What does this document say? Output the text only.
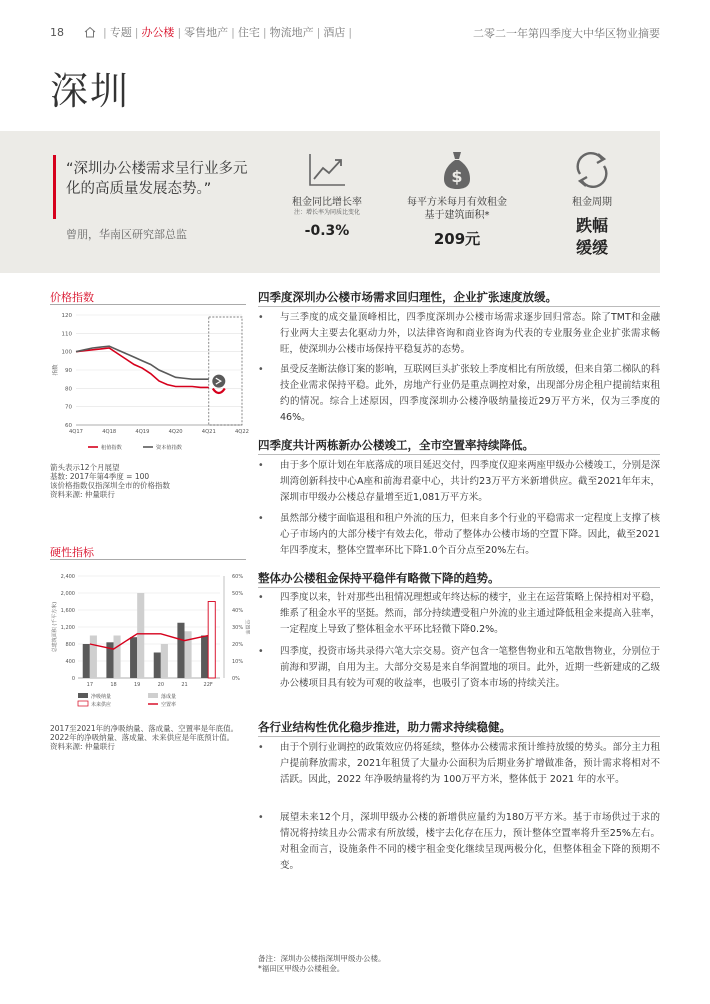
18	| 专题 | 办公楼 | 零售地产 | 住宅 | 物流地产 | 酒店 |	二零二一年第四季度大中华区物业摘要
深圳
“深圳办公楼需求呈行业多元化的高质量发展态势。”
曾朋，华南区研究部总监
租金同比增长率
注：增长率为同质比变化
-0.3%
$
每平方米每月有效租金基于建筑面积*
209元
租金周期
跌幅缓缓
价格指数
60
70
80
90
100
110
120
指数
4Q17	4Q18	4Q19	4Q20	4Q21	4Q22
租值指数	资本值指数
箭头表示12个月展望
基数: 2017年第4季度 = 100
该价格指数仅指深圳全市的价格指数
资料来源: 仲量联行
硬性指标
0
400
800
1,200
1,600
2,000
2,400
0%
10%
20%
30%
40%
50%
60%
总建筑面积 (千平方米)	空置率
17	18	19	20	21	22F
净吸纳量	落成量
未来供应	空置率
2017至2021年的净吸纳量、落成量、空置率是年底值。2022年的净吸纳量、落成量、未来供应是年底预计值。
资料来源: 仲量联行
四季度深圳办公楼市场需求回归理性，企业扩张速度放缓。
• 与三季度的成交量顶峰相比，四季度深圳办公楼市场需求逐步回归常态。除了TMT和金融行业两大主要去化驱动力外，以法律咨询和商业咨询为代表的专业服务业企业扩张需求畅旺，使深圳办公楼市场保持平稳复苏的态势。
• 虽受反垄断法修订案的影响，互联网巨头扩张较上季度相比有所放缓，但来自第二梯队的科技企业需求保持平稳。此外，房地产行业仍是重点调控对象，出现部分房企租户提前结束租约的情况。综合上述原因，四季度深圳办公楼净吸纳量接近29万平方米，仅为三季度的46%。
四季度共计两栋新办公楼竣工，全市空置率持续降低。
• 由于多个原计划在年底落成的项目延迟交付，四季度仅迎来两座甲级办公楼竣工，分别是深圳湾创新科技中心A座和前海君豪中心，共计约23万平方米新增供应。截至2021年年末，深圳市甲级办公楼总存量增至近1,081万平方米。
• 虽然部分楼宇面临退租和租户外流的压力，但来自多个行业的平稳需求一定程度上支撑了核心子市场内的大部分楼宇有效去化，带动了整体办公楼市场的空置下降。因此，截至2021年四季度末，整体空置率环比下降1.0个百分点至20%左右。
整体办公楼租金保持平稳伴有略微下降的趋势。
• 四季度以来，针对那些出租情况理想或年终达标的楼宇，业主在运营策略上保持相对平稳，维系了租金水平的坚挺。然而，部分持续遭受租户外流的业主通过降低租金来提高入驻率，一定程度上导致了整体租金水平环比轻微下降0.2%。
• 四季度，投资市场共录得六笔大宗交易。资产包含一笔整售物业和五笔散售物业，分别位于前海和罗湖，自用为主。大部分交易是来自华润置地的项目。此外，近期一些新建成的乙级办公楼项目具有较为可观的收益率，也吸引了资本市场的持续关注。
各行业结构性优化稳步推进，助力需求持续稳健。
• 由于个别行业调控的政策效应仍将延续，整体办公楼需求预计维持放缓的势头。部分主力租户提前释放需求，2021年租赁了大量办公面积为后期业务扩增做准备，预计需求将相对不活跃。因此，2022 年净吸纳量将约为 100万平方米，整体低于 2021 年的水平。
• 展望未来12个月，深圳甲级办公楼的新增供应量约为180万平方米。基于市场供过于求的情况将持续且办公需求有所放缓，楼宇去化存在压力，预计整体空置率将升至25%左右。对租金而言，设施条件不同的楼宇租金变化继续呈现两极分化，但整体租金下降的预期不变。
备注：深圳办公楼指深圳甲级办公楼。
*福田区甲级办公楼租金。
